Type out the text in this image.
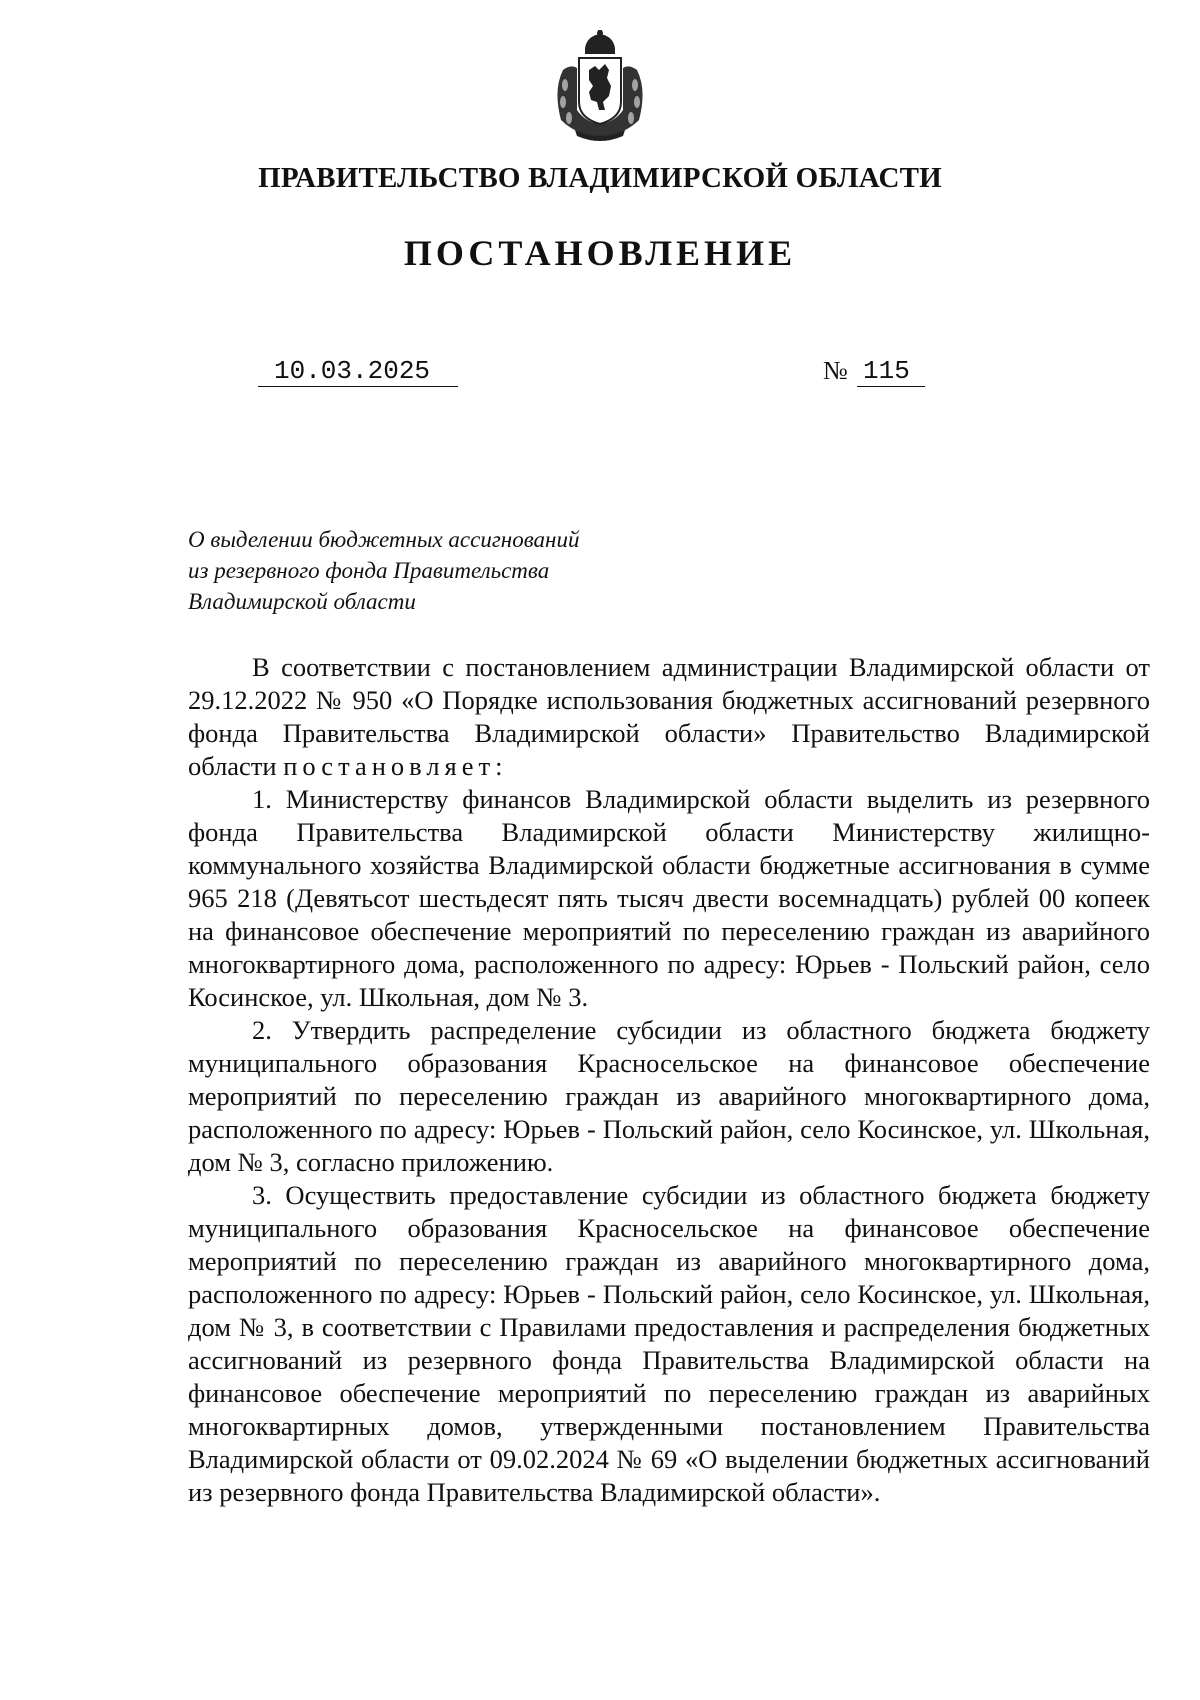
ПРАВИТЕЛЬСТВО ВЛАДИМИРСКОЙ ОБЛАСТИ
ПОСТАНОВЛЕНИЕ
10.03.2025	№ 115
О выделении бюджетных ассигнований
из резервного фонда Правительства
Владимирской области

В соответствии с постановлением администрации Владимирской области от 29.12.2022 № 950 «О Порядке использования бюджетных ассигнований резервного фонда Правительства Владимирской области» Правительство Владимирской области постановляет:

1. Министерству финансов Владимирской области выделить из резервного фонда Правительства Владимирской области Министерству жилищно-коммунального хозяйства Владимирской области бюджетные ассигнования в сумме 965 218 (Девятьсот шестьдесят пять тысяч двести восемнадцать) рублей 00 копеек на финансовое обеспечение мероприятий по переселению граждан из аварийного многоквартирного дома, расположенного по адресу: Юрьев - Польский район, село Косинское, ул. Школьная, дом № 3.

2. Утвердить распределение субсидии из областного бюджета бюджету муниципального образования Красносельское на финансовое обеспечение мероприятий по переселению граждан из аварийного многоквартирного дома, расположенного по адресу: Юрьев - Польский район, село Косинское, ул. Школьная, дом № 3, согласно приложению.

3. Осуществить предоставление субсидии из областного бюджета бюджету муниципального образования Красносельское на финансовое обеспечение мероприятий по переселению граждан из аварийного многоквартирного дома, расположенного по адресу: Юрьев - Польский район, село Косинское, ул. Школьная, дом № 3, в соответствии с Правилами предоставления и распределения бюджетных ассигнований из резервного фонда Правительства Владимирской области на финансовое обеспечение мероприятий по переселению граждан из аварийных многоквартирных домов, утвержденными постановлением Правительства Владимирской области от 09.02.2024 № 69 «О выделении бюджетных ассигнований из резервного фонда Правительства Владимирской области».
